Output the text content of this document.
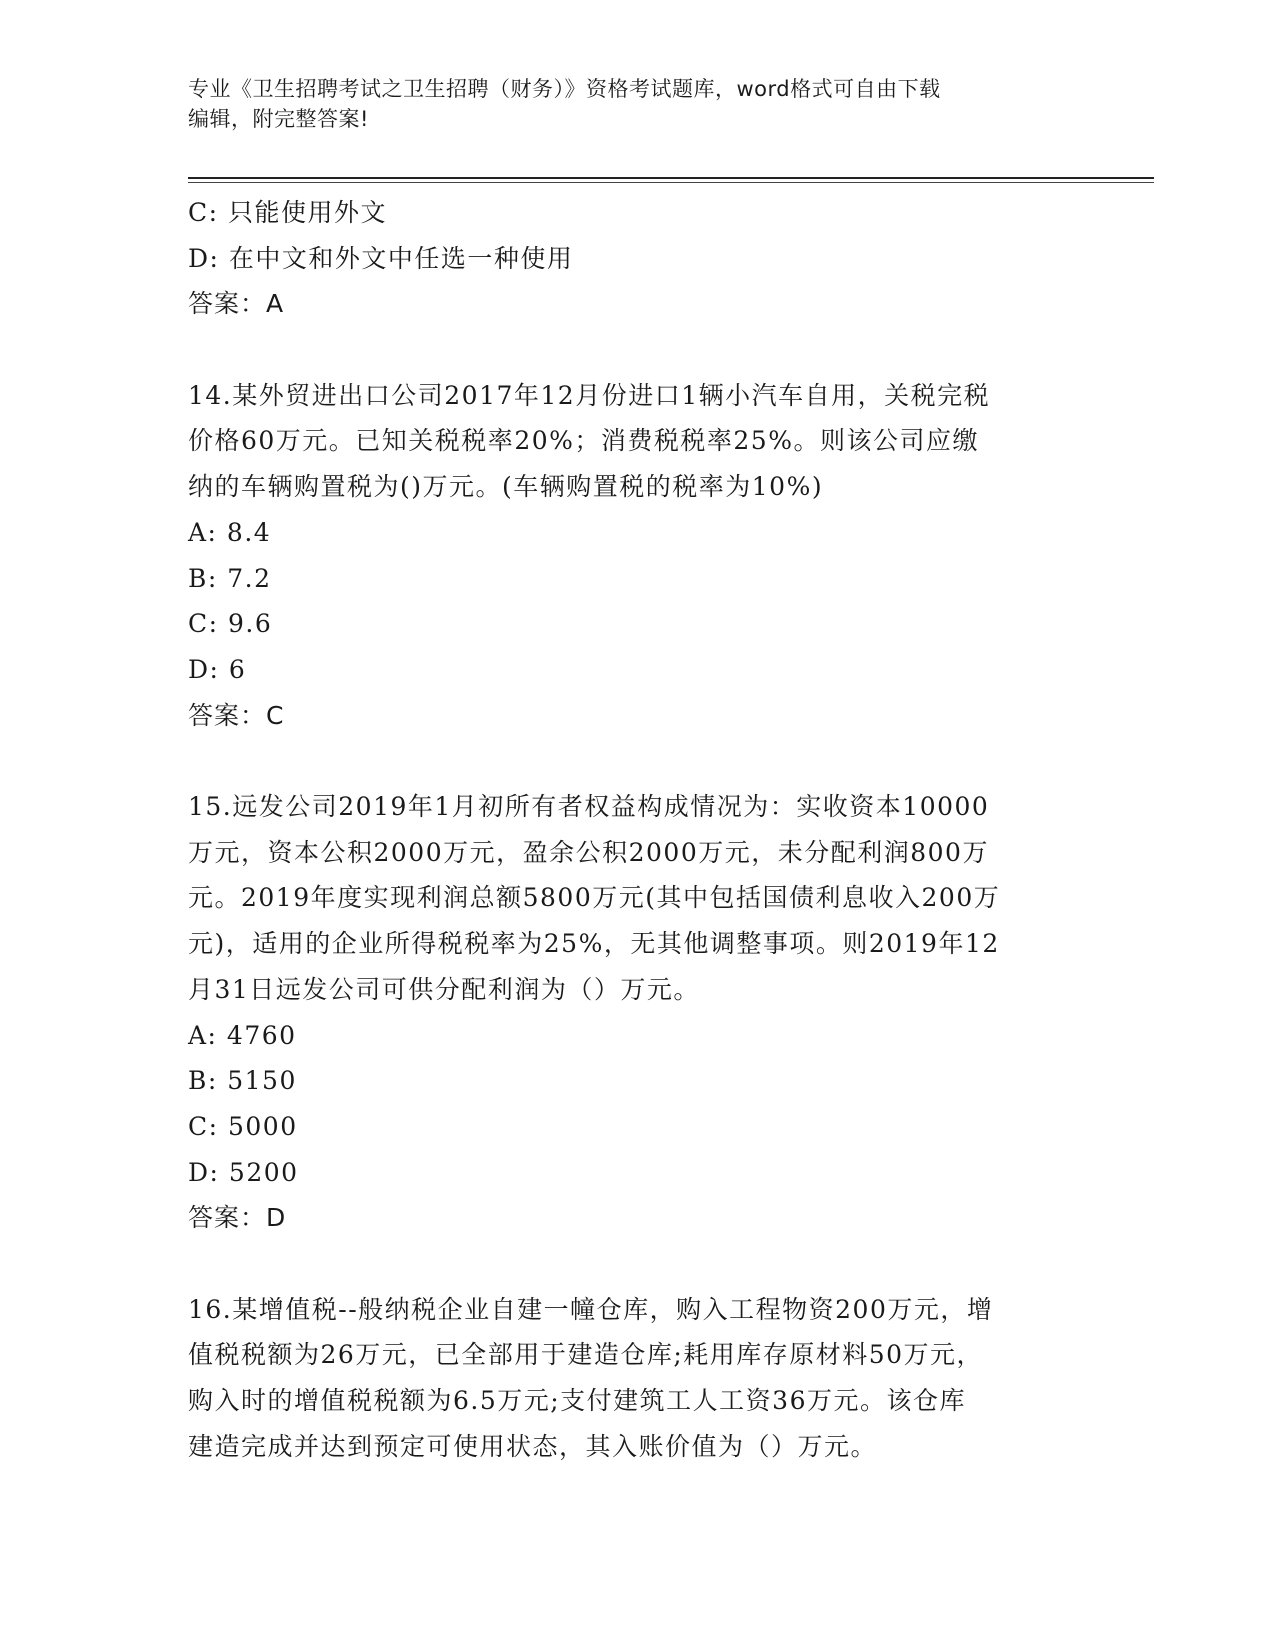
专业《卫生招聘考试之卫生招聘（财务）》资格考试题库，word格式可自由下载
编辑，附完整答案!
C: 只能使用外文
D: 在中文和外文中任选一种使用
答案：A
14.某外贸进出口公司2017年12月份进口1辆小汽车自用，关税完税
价格60万元。已知关税税率20%；消费税税率25%。则该公司应缴
纳的车辆购置税为()万元。(车辆购置税的税率为10%)
A: 8.4
B: 7.2
C: 9.6
D: 6
答案：C
15.远发公司2019年1月初所有者权益构成情况为：实收资本10000
万元，资本公积2000万元，盈余公积2000万元，未分配利润800万
元。2019年度实现利润总额5800万元(其中包括国债利息收入200万
元)，适用的企业所得税税率为25%，无其他调整事项。则2019年12
月31日远发公司可供分配利润为（）万元。
A: 4760
B: 5150
C: 5000
D: 5200
答案：D
16.某增值税--般纳税企业自建一幢仓库，购入工程物资200万元，增
值税税额为26万元，已全部用于建造仓库;耗用库存原材料50万元，
购入时的增值税税额为6.5万元;支付建筑工人工资36万元。该仓库
建造完成并达到预定可使用状态，其入账价值为（）万元。
